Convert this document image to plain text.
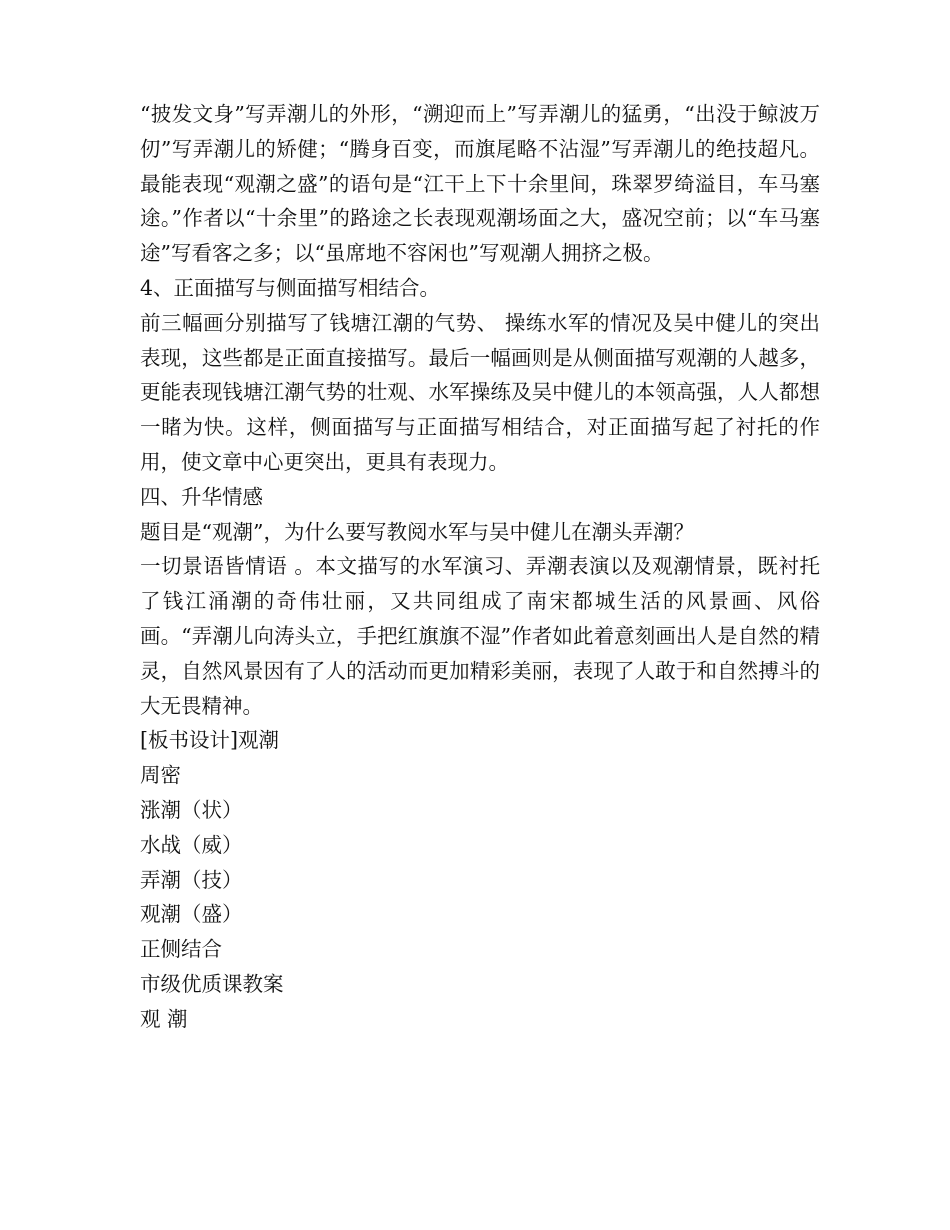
“披发文身”写弄潮儿的外形，“溯迎而上”写弄潮儿的猛勇，“出没于鲸波万仞”写弄潮儿的矫健；“腾身百变，而旗尾略不沾湿”写弄潮儿的绝技超凡。最能表现“观潮之盛”的语句是“江干上下十余里间，珠翠罗绮溢目，车马塞途。”作者以“十余里”的路途之长表现观潮场面之大，盛况空前；以“车马塞途”写看客之多；以“虽席地不容闲也”写观潮人拥挤之极。

4、正面描写与侧面描写相结合。

前三幅画分别描写了钱塘江潮的气势、 操练水军的情况及吴中健儿的突出表现，这些都是正面直接描写。最后一幅画则是从侧面描写观潮的人越多，更能表现钱塘江潮气势的壮观、水军操练及吴中健儿的本领高强，人人都想一睹为快。这样，侧面描写与正面描写相结合，对正面描写起了衬托的作用，使文章中心更突出，更具有表现力。

四、升华情感

题目是“观潮”，为什么要写教阅水军与吴中健儿在潮头弄潮？

一切景语皆情语 。本文描写的水军演习、弄潮表演以及观潮情景，既衬托了钱江涌潮的奇伟壮丽，又共同组成了南宋都城生活的风景画、风俗画。“弄潮儿向涛头立，手把红旗旗不湿”作者如此着意刻画出人是自然的精灵，自然风景因有了人的活动而更加精彩美丽，表现了人敢于和自然搏斗的大无畏精神。

[板书设计]观潮

周密

涨潮（状）

水战（威）

弄潮（技）

观潮（盛）

正侧结合

市级优质课教案

观 潮
